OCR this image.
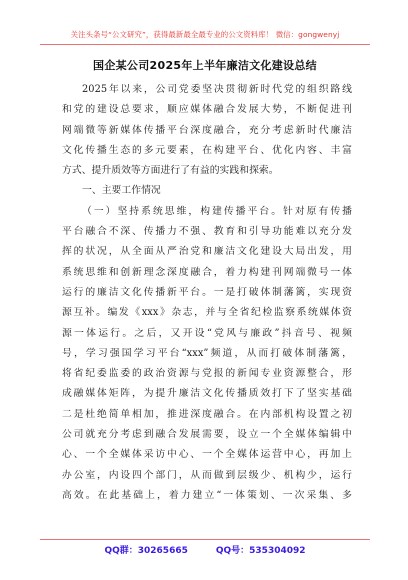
关注头条号“公文研究”，获得最新最全最专业的公文资料库！ 微信：gongwenyj
国企某公司2025年上半年廉洁文化建设总结
2025年以来，公司党委坚决贯彻新时代党的组织路线
和党的建设总要求，顺应媒体融合发展大势，不断促进刊
网端微等新媒体传播平台深度融合，充分考虑新时代廉洁
文化传播生态的多元要素，在构建平台、优化内容、丰富
方式、提升质效等方面进行了有益的实践和探索。
一、主要工作情况
（一）坚持系统思维，构建传播平台。针对原有传播
平台融合不深、传播力不强、教育和引导功能难以充分发
挥的状况，从全面从严治党和廉洁文化建设大局出发，用
系统思维和创新理念深度融合，着力构建刊网端微号一体
运行的廉洁文化传播新平台。一是打破体制藩篱，实现资
源互补。编发《xxx》杂志，并与全省纪检监察系统媒体资
源一体运行。之后，又开设“党风与廉政”抖音号、视频
号，学习强国学习平台“xxx”频道，从而打破体制藩篱，
将省纪委监委的政治资源与党报的新闻专业资源整合，形
成融媒体矩阵，为提升廉洁文化传播质效打下了坚实基础
二是杜绝简单相加，推进深度融合。在内部机构设置之初
公司就充分考虑到融合发展需要，设立一个全媒体编辑中
心、一个全媒体采访中心、一个全媒体运营中心，再加上
办公室，内设四个部门，从而做到层级少、机构少，运行
高效。在此基础上，着力建立“一体策划、一次采集、多
QQ群：30265665	QQ号：535304092
